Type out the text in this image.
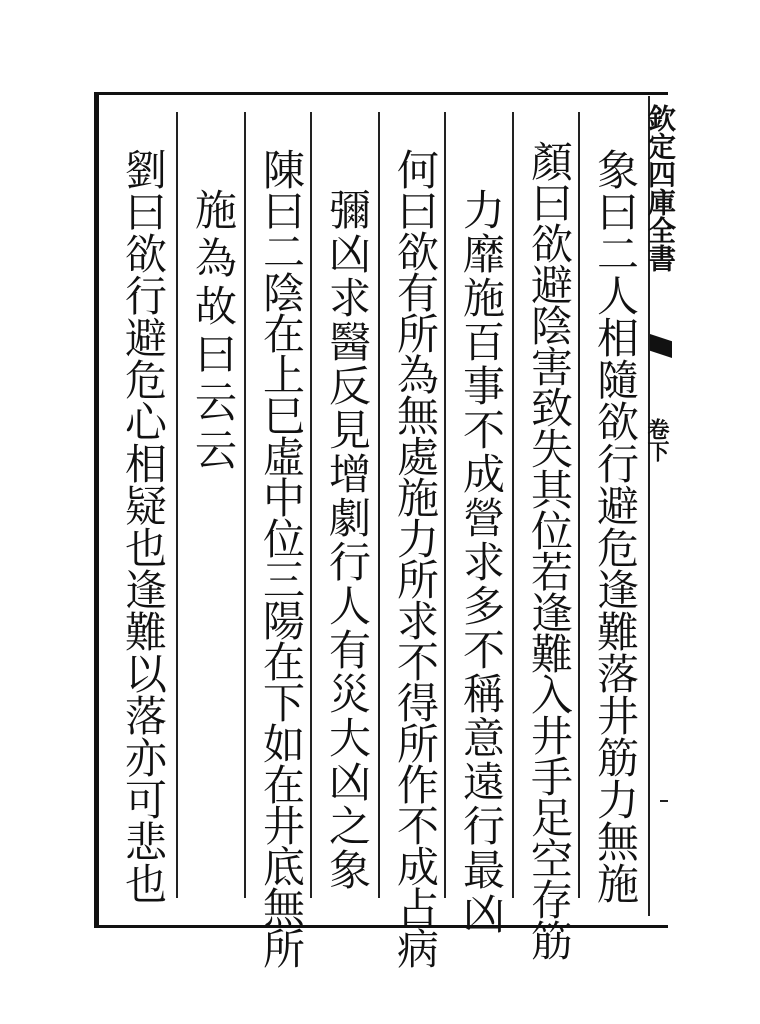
欽定四庫全書
卷下
象曰二人相隨欲行避危逢難落井筋力無施
顏曰欲避陰害致失其位若逢難入井手足空存筋
力靡施百事不成營求多不稱意遠行最凶
何曰欲有所為無處施力所求不得所作不成占病
彌凶求醫反見增劇行人有災大凶之象
陳曰二陰在上巳虛中位三陽在下如在井底無所
施為故曰云云
劉曰欲行避危心相疑也逢難以落亦可悲也
